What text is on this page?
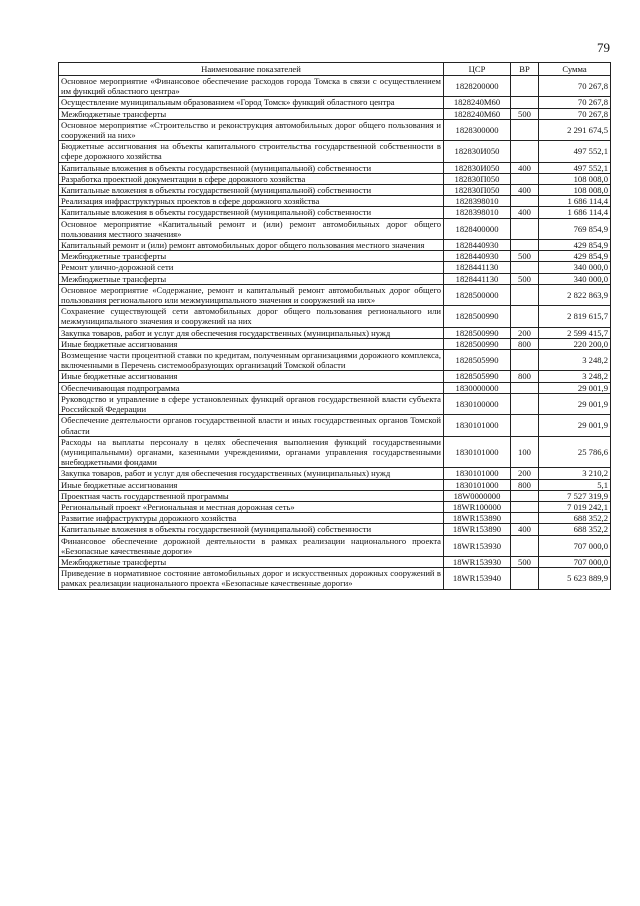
79
Наименование показателей	ЦСР	ВР	Сумма
Основное мероприятие «Финансовое обеспечение расходов города Томска в связи с осуществлением им функций областного центра»	1828200000		70 267,8
Осуществление муниципальным образованием «Город Томск» функций областного центра	1828240М60		70 267,8
Межбюджетные трансферты	1828240М60	500	70 267,8
Основное мероприятие «Строительство и реконструкция автомобильных дорог общего пользования и сооружений на них»	1828300000		2 291 674,5
Бюджетные ассигнования на объекты капитального строительства государственной собственности в сфере дорожного хозяйства	182830И050		497 552,1
Капитальные вложения в объекты государственной (муниципальной) собственности	182830И050	400	497 552,1
Разработка проектной документации в сфере дорожного хозяйства	182830П050		108 008,0
Капитальные вложения в объекты государственной (муниципальной) собственности	182830П050	400	108 008,0
Реализация инфраструктурных проектов в сфере дорожного хозяйства	1828398010		1 686 114,4
Капитальные вложения в объекты государственной (муниципальной) собственности	1828398010	400	1 686 114,4
Основное мероприятие «Капитальный ремонт и (или) ремонт автомобильных дорог общего пользования местного значения»	1828400000		769 854,9
Капитальный ремонт и (или) ремонт автомобильных дорог общего пользования местного значения	1828440930		429 854,9
Межбюджетные трансферты	1828440930	500	429 854,9
Ремонт улично-дорожной сети	1828441130		340 000,0
Межбюджетные трансферты	1828441130	500	340 000,0
Основное мероприятие «Содержание, ремонт и капитальный ремонт автомобильных дорог общего пользования регионального или межмуниципального значения и сооружений на них»	1828500000		2 822 863,9
Сохранение существующей сети автомобильных дорог общего пользования регионального или межмуниципального значения и сооружений на них	1828500990		2 819 615,7
Закупка товаров, работ и услуг для обеспечения государственных (муниципальных) нужд	1828500990	200	2 599 415,7
Иные бюджетные ассигнования	1828500990	800	220 200,0
Возмещение части процентной ставки по кредитам, полученным организациями дорожного комплекса, включенными в Перечень системообразующих организаций Томской области	1828505990		3 248,2
Иные бюджетные ассигнования	1828505990	800	3 248,2
Обеспечивающая подпрограмма	1830000000		29 001,9
Руководство и управление в сфере установленных функций органов государственной власти субъекта Российской Федерации	1830100000		29 001,9
Обеспечение деятельности органов государственной власти и иных государственных органов Томской области	1830101000		29 001,9
Расходы на выплаты персоналу в целях обеспечения выполнения функций государственными (муниципальными) органами, казенными учреждениями, органами управления государственными внебюджетными фондами	1830101000	100	25 786,6
Закупка товаров, работ и услуг для обеспечения государственных (муниципальных) нужд	1830101000	200	3 210,2
Иные бюджетные ассигнования	1830101000	800	5,1
Проектная часть государственной программы	18W0000000		7 527 319,9
Региональный проект «Региональная и местная дорожная сеть»	18WR100000		7 019 242,1
Развитие инфраструктуры дорожного хозяйства	18WR153890		688 352,2
Капитальные вложения в объекты государственной (муниципальной) собственности	18WR153890	400	688 352,2
Финансовое обеспечение дорожной деятельности в рамках реализации национального проекта «Безопасные качественные дороги»	18WR153930		707 000,0
Межбюджетные трансферты	18WR153930	500	707 000,0
Приведение в нормативное состояние автомобильных дорог и искусственных дорожных сооружений в рамках реализации национального проекта «Безопасные качественные дороги»	18WR153940		5 623 889,9
